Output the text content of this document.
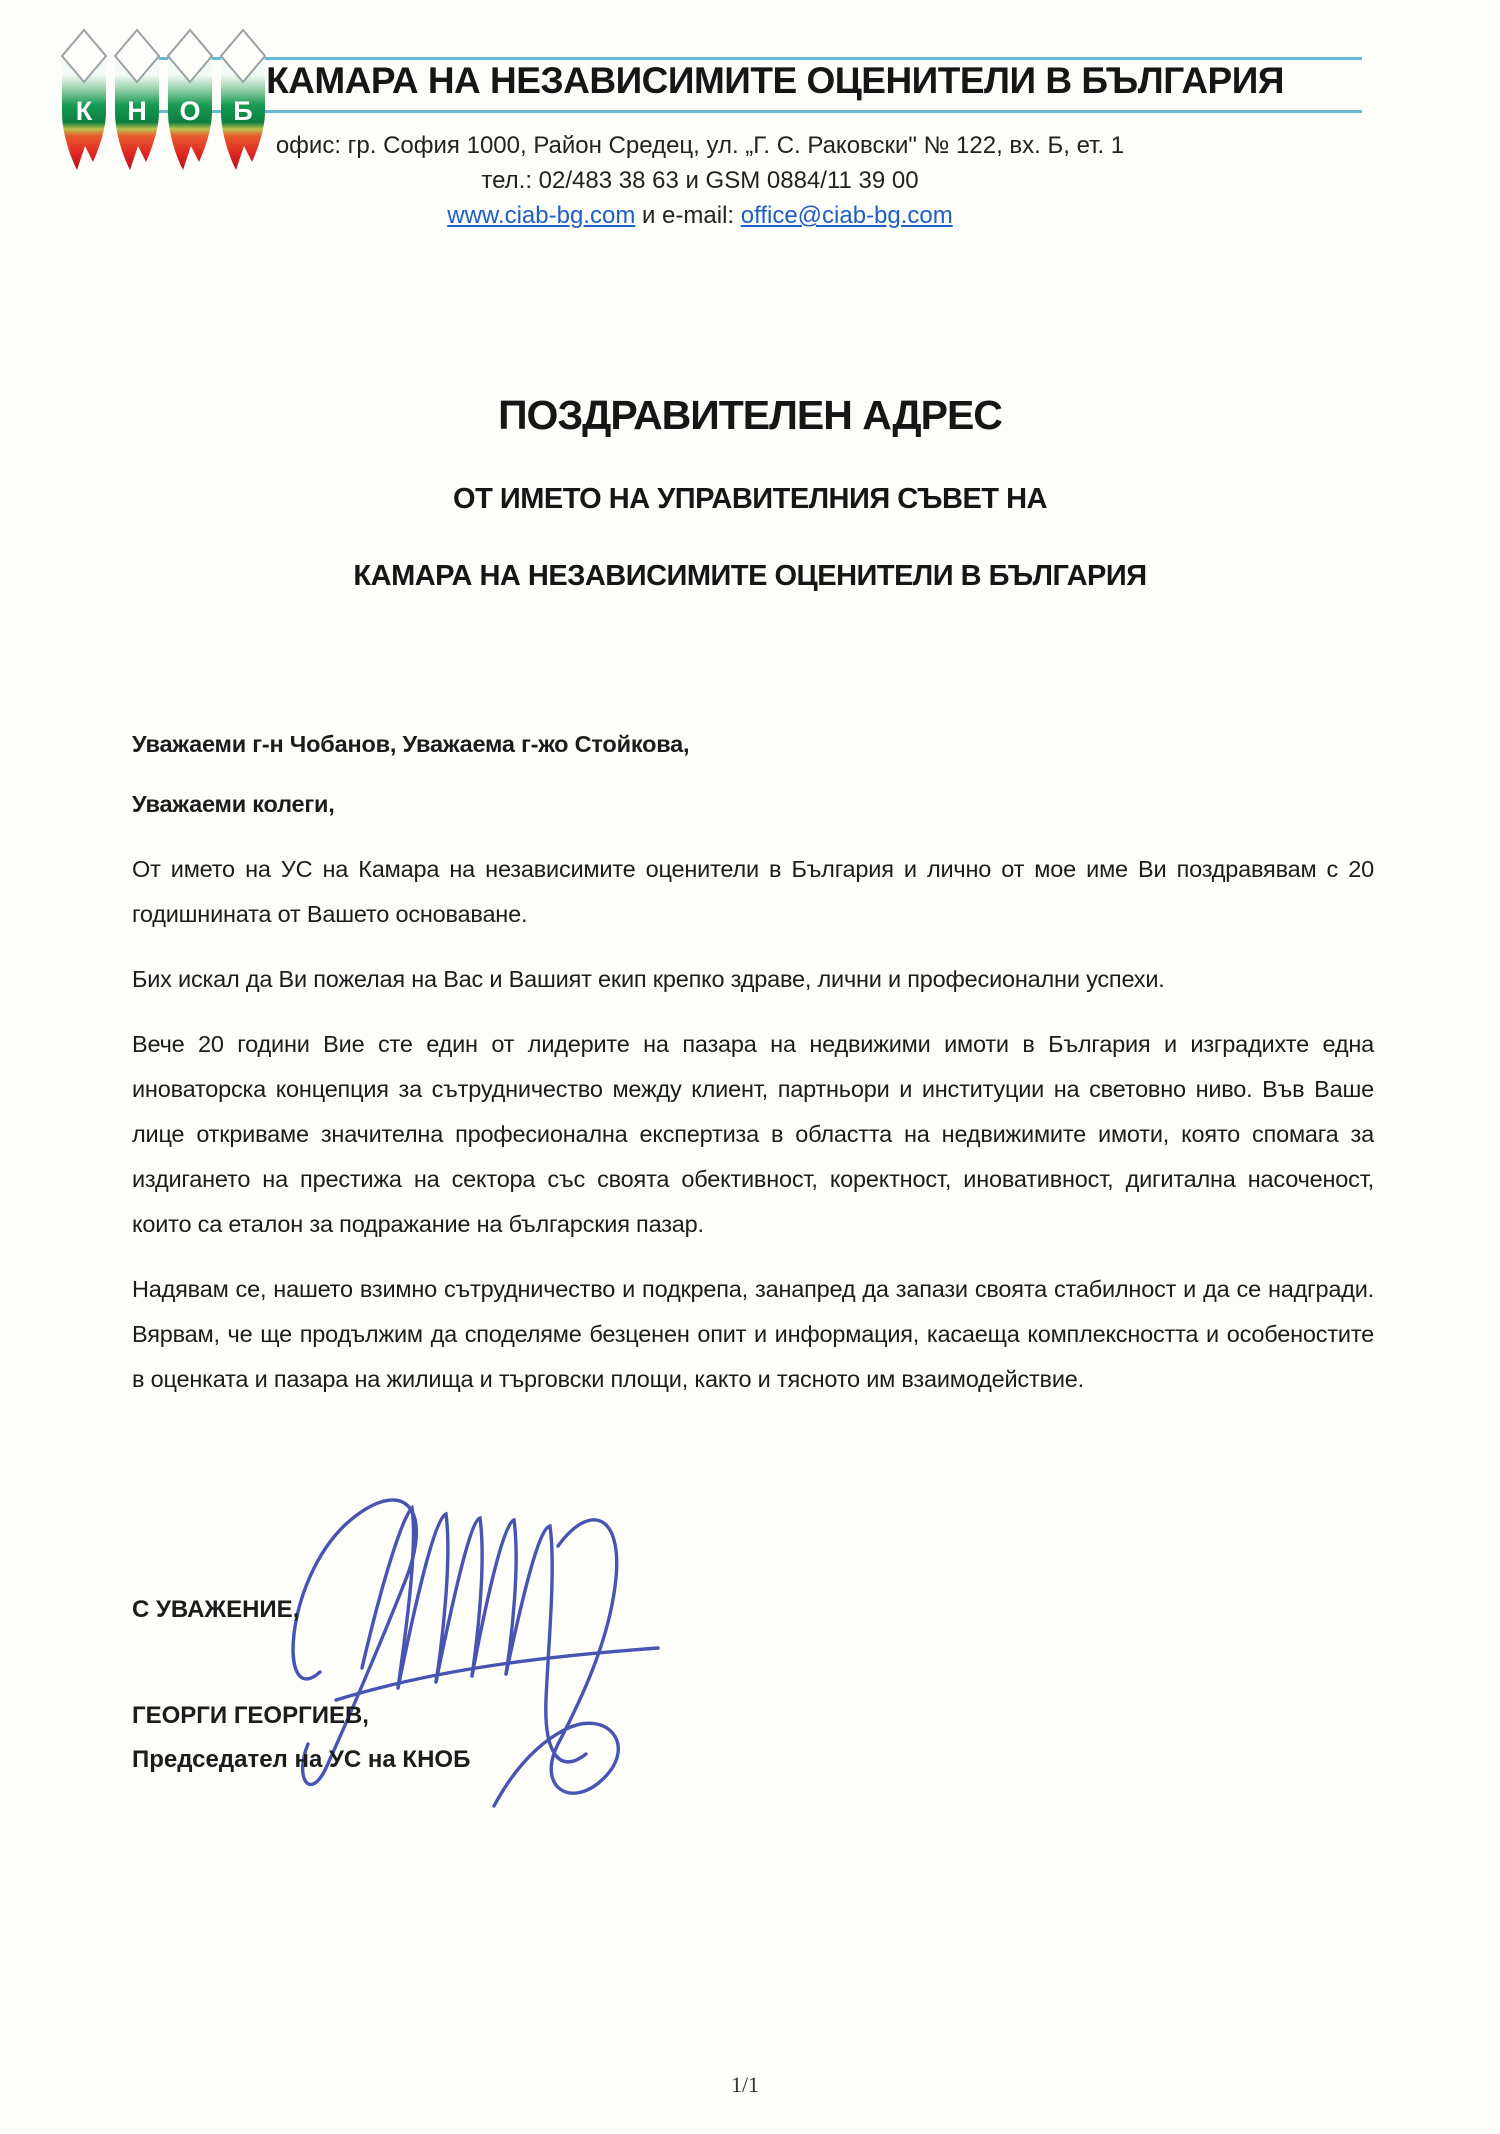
КАМАРА НА НЕЗАВИСИМИТЕ ОЦЕНИТЕЛИ В БЪЛГАРИЯ
К Н О Б
офис: гр. София 1000, Район Средец, ул. „Г. С. Раковски" № 122, вх. Б, ет. 1
тел.: 02/483 38 63 и GSM 0884/11 39 00
www.ciab-bg.com и e-mail: office@ciab-bg.com
ПОЗДРАВИТЕЛЕН АДРЕС
ОТ ИМЕТО НА УПРАВИТЕЛНИЯ СЪВЕТ НА
КАМАРА НА НЕЗАВИСИМИТЕ ОЦЕНИТЕЛИ В БЪЛГАРИЯ
Уважаеми г-н Чобанов, Уважаема г-жо Стойкова,
Уважаеми колеги,

От името на УС на Камара на независимите оценители в България и лично от мое име Ви поздравявам с 20 годишнината от Вашето основаване.

Бих искал да Ви пожелая на Вас и Вашият екип крепко здраве, лични и професионални успехи.

Вече 20 години Вие сте един от лидерите на пазара на недвижими имоти в България и изградихте една иноваторска концепция за сътрудничество между клиент, партньори и институции на световно ниво. Във Ваше лице откриваме значителна професионална експертиза в областта на недвижимите имоти, която спомага за издигането на престижа на сектора със своята обективност, коректност, иновативност, дигитална насоченост, които са еталон за подражание на българския пазар.

Надявам се, нашето взимно сътрудничество и подкрепа, занапред да запази своята стабилност и да се надгради. Вярвам, че ще продължим да споделяме безценен опит и информация, касаеща комплексността и особеностите в оценката и пазара на жилища и търговски площи, както и тясното им взаимодействие.

С УВАЖЕНИЕ,
ГЕОРГИ ГЕОРГИЕВ,
Председател на УС на КНОБ
1/1
